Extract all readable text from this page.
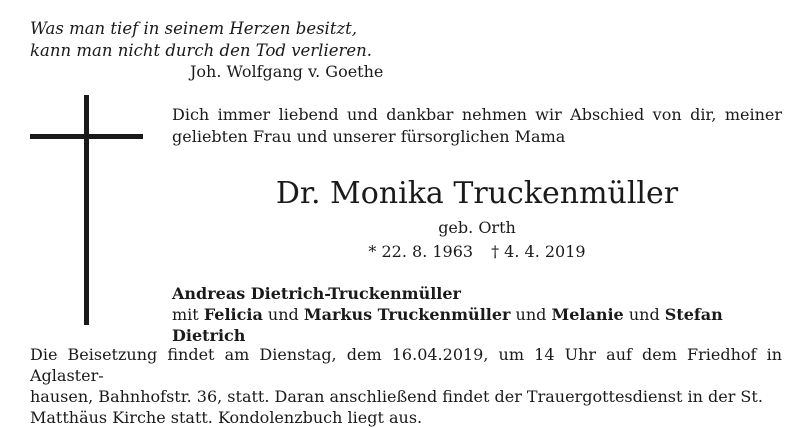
Was man tief in seinem Herzen besitzt,
kann man nicht durch den Tod verlieren.
Joh. Wolfgang v. Goethe

Dich immer liebend und dankbar nehmen wir Abschied von dir, meiner geliebten Frau und unserer fürsorglichen Mama

Dr. Monika Truckenmüller
geb. Orth
* 22. 8. 1963 † 4. 4. 2019
Andreas Dietrich-Truckenmüller
mit Felicia und Markus Truckenmüller und Melanie und Stefan Dietrich
Die Beisetzung findet am Dienstag, dem 16.04.2019, um 14 Uhr auf dem Friedhof in Aglaster-
hausen, Bahnhofstr. 36, statt. Daran anschließend findet der Trauergottesdienst in der St.
Matthäus Kirche statt. Kondolenzbuch liegt aus.
